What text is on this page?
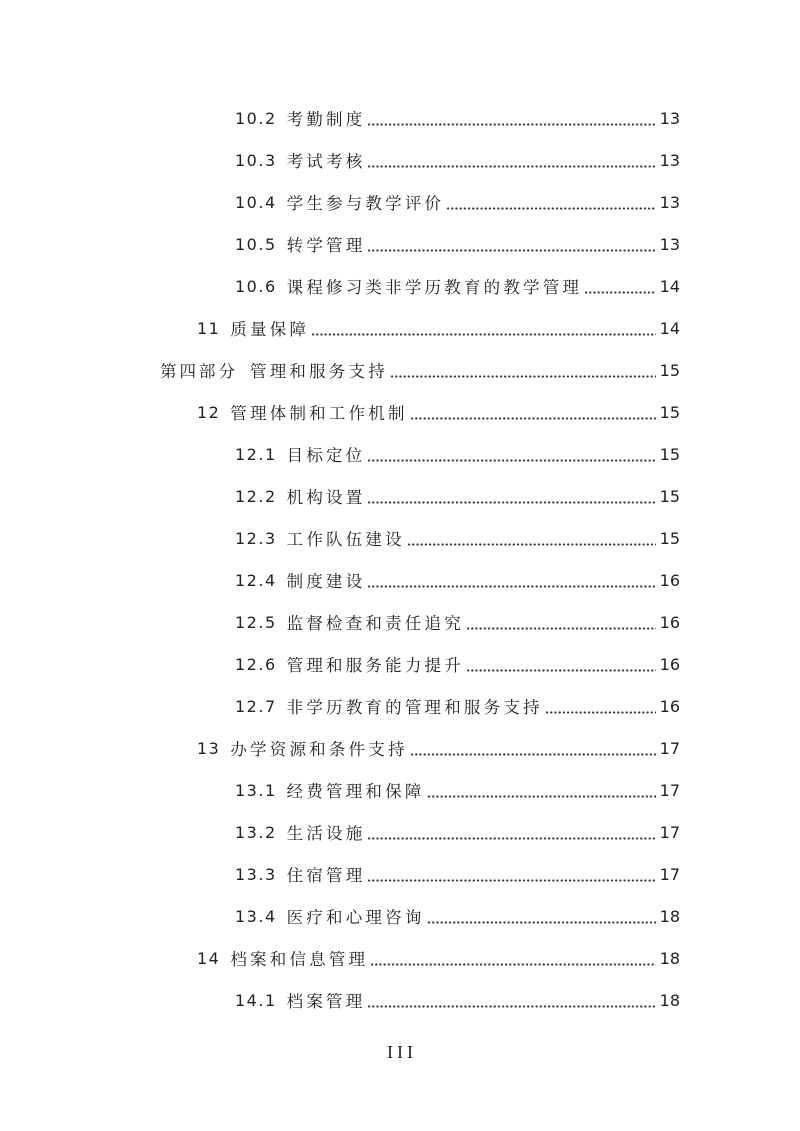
10.2 考勤制度	13
10.3 考试考核	13
10.4 学生参与教学评价	13
10.5 转学管理	13
10.6 课程修习类非学历教育的教学管理	14
11 质量保障	14
第四部分 管理和服务支持	15
12 管理体制和工作机制	15
12.1 目标定位	15
12.2 机构设置	15
12.3 工作队伍建设	15
12.4 制度建设	16
12.5 监督检查和责任追究	16
12.6 管理和服务能力提升	16
12.7 非学历教育的管理和服务支持	16
13 办学资源和条件支持	17
13.1 经费管理和保障	17
13.2 生活设施	17
13.3 住宿管理	17
13.4 医疗和心理咨询	18
14 档案和信息管理	18
14.1 档案管理	18
III
